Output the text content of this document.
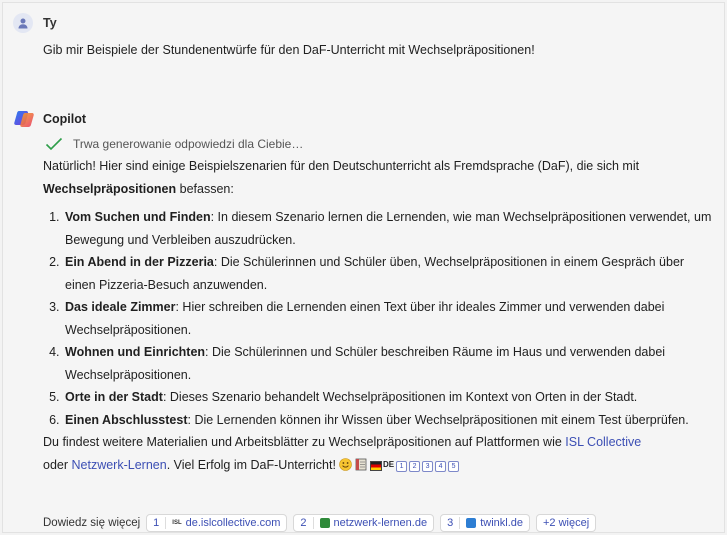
Ty
Gib mir Beispiele der Stundenentwürfe für den DaF-Unterricht mit Wechselpräpositionen!
Copilot
Trwa generowanie odpowiedzi dla Ciebie…

Natürlich! Hier sind einige Beispielszenarien für den Deutschunterricht als Fremdsprache (DaF), die sich mit Wechselpräpositionen befassen:

1. Vom Suchen und Finden: In diesem Szenario lernen die Lernenden, wie man Wechselpräpositionen verwendet, um Bewegung und Verbleiben auszudrücken.
2. Ein Abend in der Pizzeria: Die Schülerinnen und Schüler üben, Wechselpräpositionen in einem Gespräch über einen Pizzeria-Besuch anzuwenden.
3. Das ideale Zimmer: Hier schreiben die Lernenden einen Text über ihr ideales Zimmer und verwenden dabei Wechselpräpositionen.
4. Wohnen und Einrichten: Die Schülerinnen und Schüler beschreiben Räume im Haus und verwenden dabei Wechselpräpositionen.
5. Orte in der Stadt: Dieses Szenario behandelt Wechselpräpositionen im Kontext von Orten in der Stadt.
6. Einen Abschlusstest: Die Lernenden können ihr Wissen über Wechselpräpositionen mit einem Test überprüfen.

Du findest weitere Materialien und Arbeitsblätter zu Wechselpräpositionen auf Plattformen wie ISL Collective
oder Netzwerk-Lernen. Viel Erfolg im DaF-Unterricht!	DE 1 2 3 4 5

Dowiedz się więcej 1	ISL de.islcollective.com 2	netzwerk-lernen.de 3	twinkl.de	+2 więcej
